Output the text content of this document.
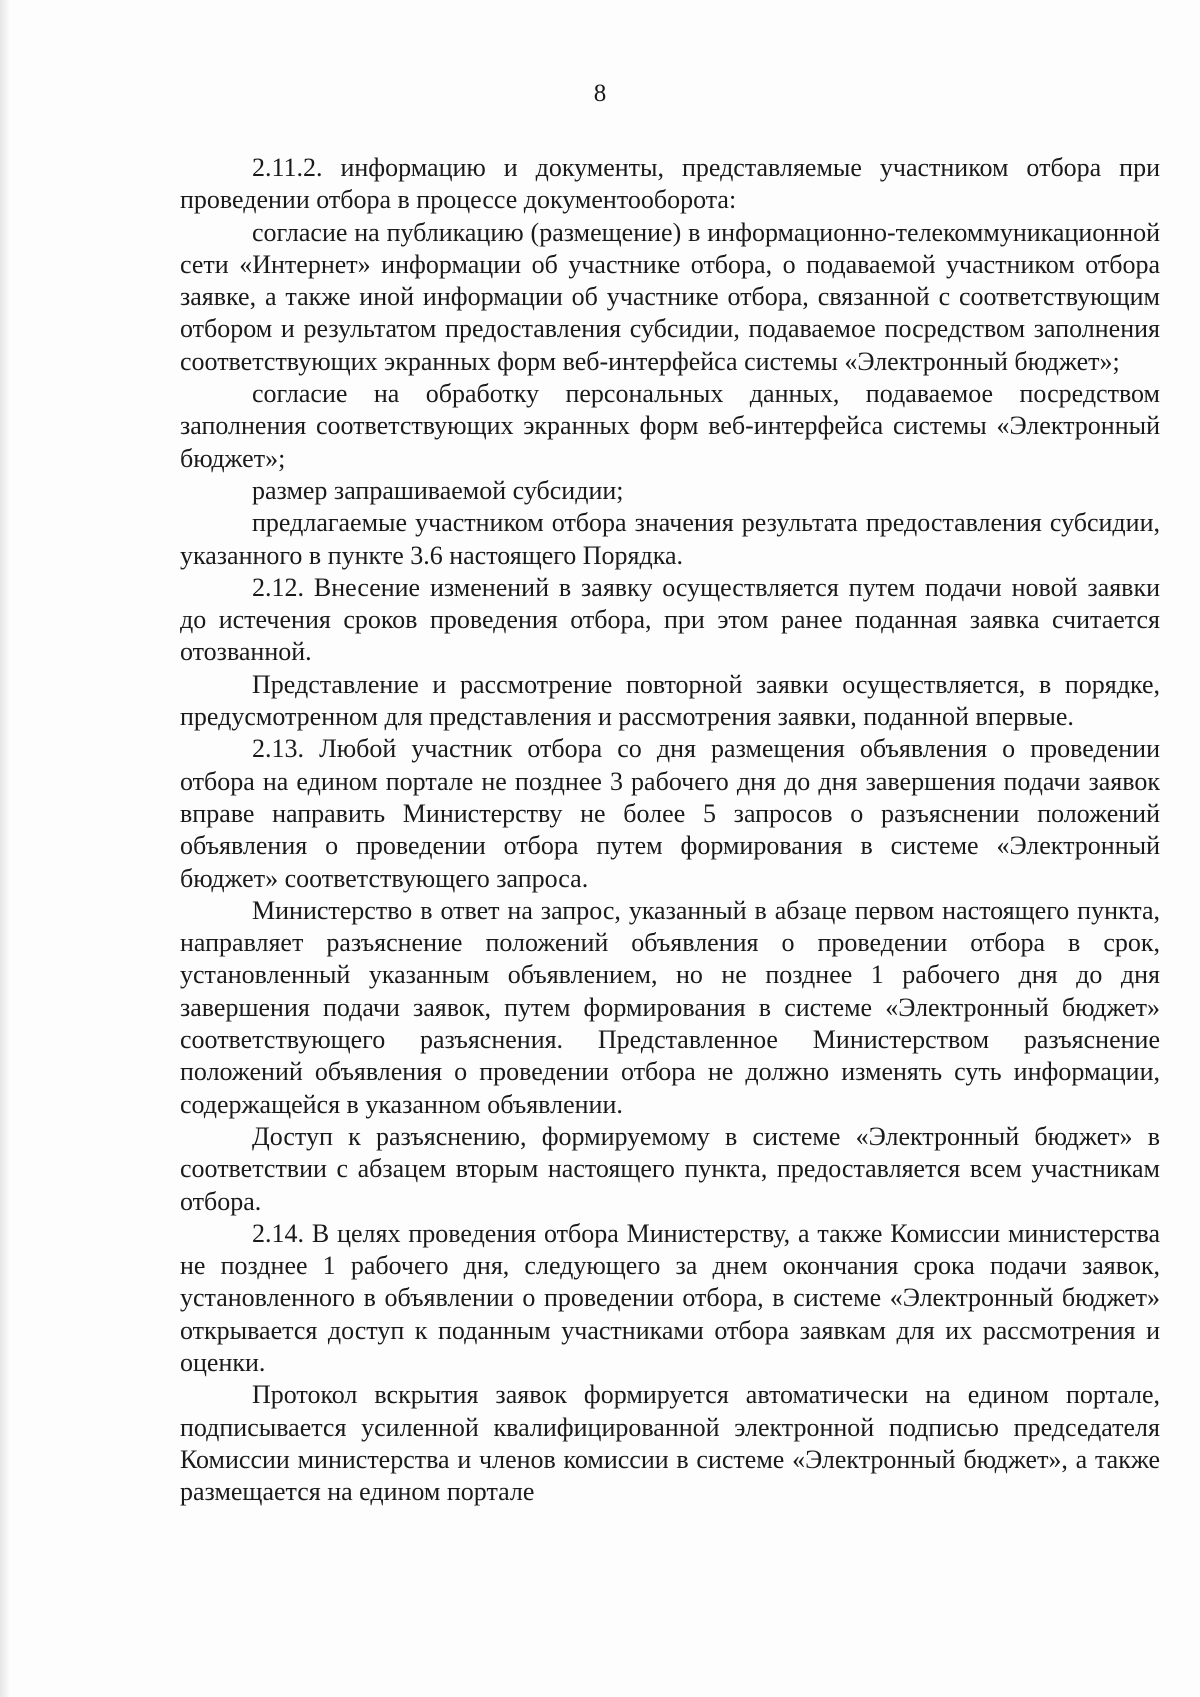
8

2.11.2. информацию и документы, представляемые участником отбора при проведении отбора в процессе документооборота:

согласие на публикацию (размещение) в информационно-телекоммуникационной сети «Интернет» информации об участнике отбора, о подаваемой участником отбора заявке, а также иной информации об участнике отбора, связанной с соответствующим отбором и результатом предоставления субсидии, подаваемое посредством заполнения соответствующих экранных форм веб-интерфейса системы «Электронный бюджет»;

согласие на обработку персональных данных, подаваемое посредством заполнения соответствующих экранных форм веб-интерфейса системы «Электронный бюджет»;

размер запрашиваемой субсидии;

предлагаемые участником отбора значения результата предоставления субсидии, указанного в пункте 3.6 настоящего Порядка.

2.12. Внесение изменений в заявку осуществляется путем подачи новой заявки до истечения сроков проведения отбора, при этом ранее поданная заявка считается отозванной.

Представление и рассмотрение повторной заявки осуществляется, в порядке, предусмотренном для представления и рассмотрения заявки, поданной впервые.

2.13. Любой участник отбора со дня размещения объявления о проведении отбора на едином портале не позднее 3 рабочего дня до дня завершения подачи заявок вправе направить Министерству не более 5 запросов о разъяснении положений объявления о проведении отбора путем формирования в системе «Электронный бюджет» соответствующего запроса.

Министерство в ответ на запрос, указанный в абзаце первом настоящего пункта, направляет разъяснение положений объявления о проведении отбора в срок, установленный указанным объявлением, но не позднее 1 рабочего дня до дня завершения подачи заявок, путем формирования в системе «Электронный бюджет» соответствующего разъяснения. Представленное Министерством разъяснение положений объявления о проведении отбора не должно изменять суть информации, содержащейся в указанном объявлении.

Доступ к разъяснению, формируемому в системе «Электронный бюджет» в соответствии с абзацем вторым настоящего пункта, предоставляется всем участникам отбора.

2.14. В целях проведения отбора Министерству, а также Комиссии министерства не позднее 1 рабочего дня, следующего за днем окончания срока подачи заявок, установленного в объявлении о проведении отбора, в системе «Электронный бюджет» открывается доступ к поданным участниками отбора заявкам для их рассмотрения и оценки.

Протокол вскрытия заявок формируется автоматически на едином портале, подписывается усиленной квалифицированной электронной подписью председателя Комиссии министерства и членов комиссии в системе «Электронный бюджет», а также размещается на едином портале
